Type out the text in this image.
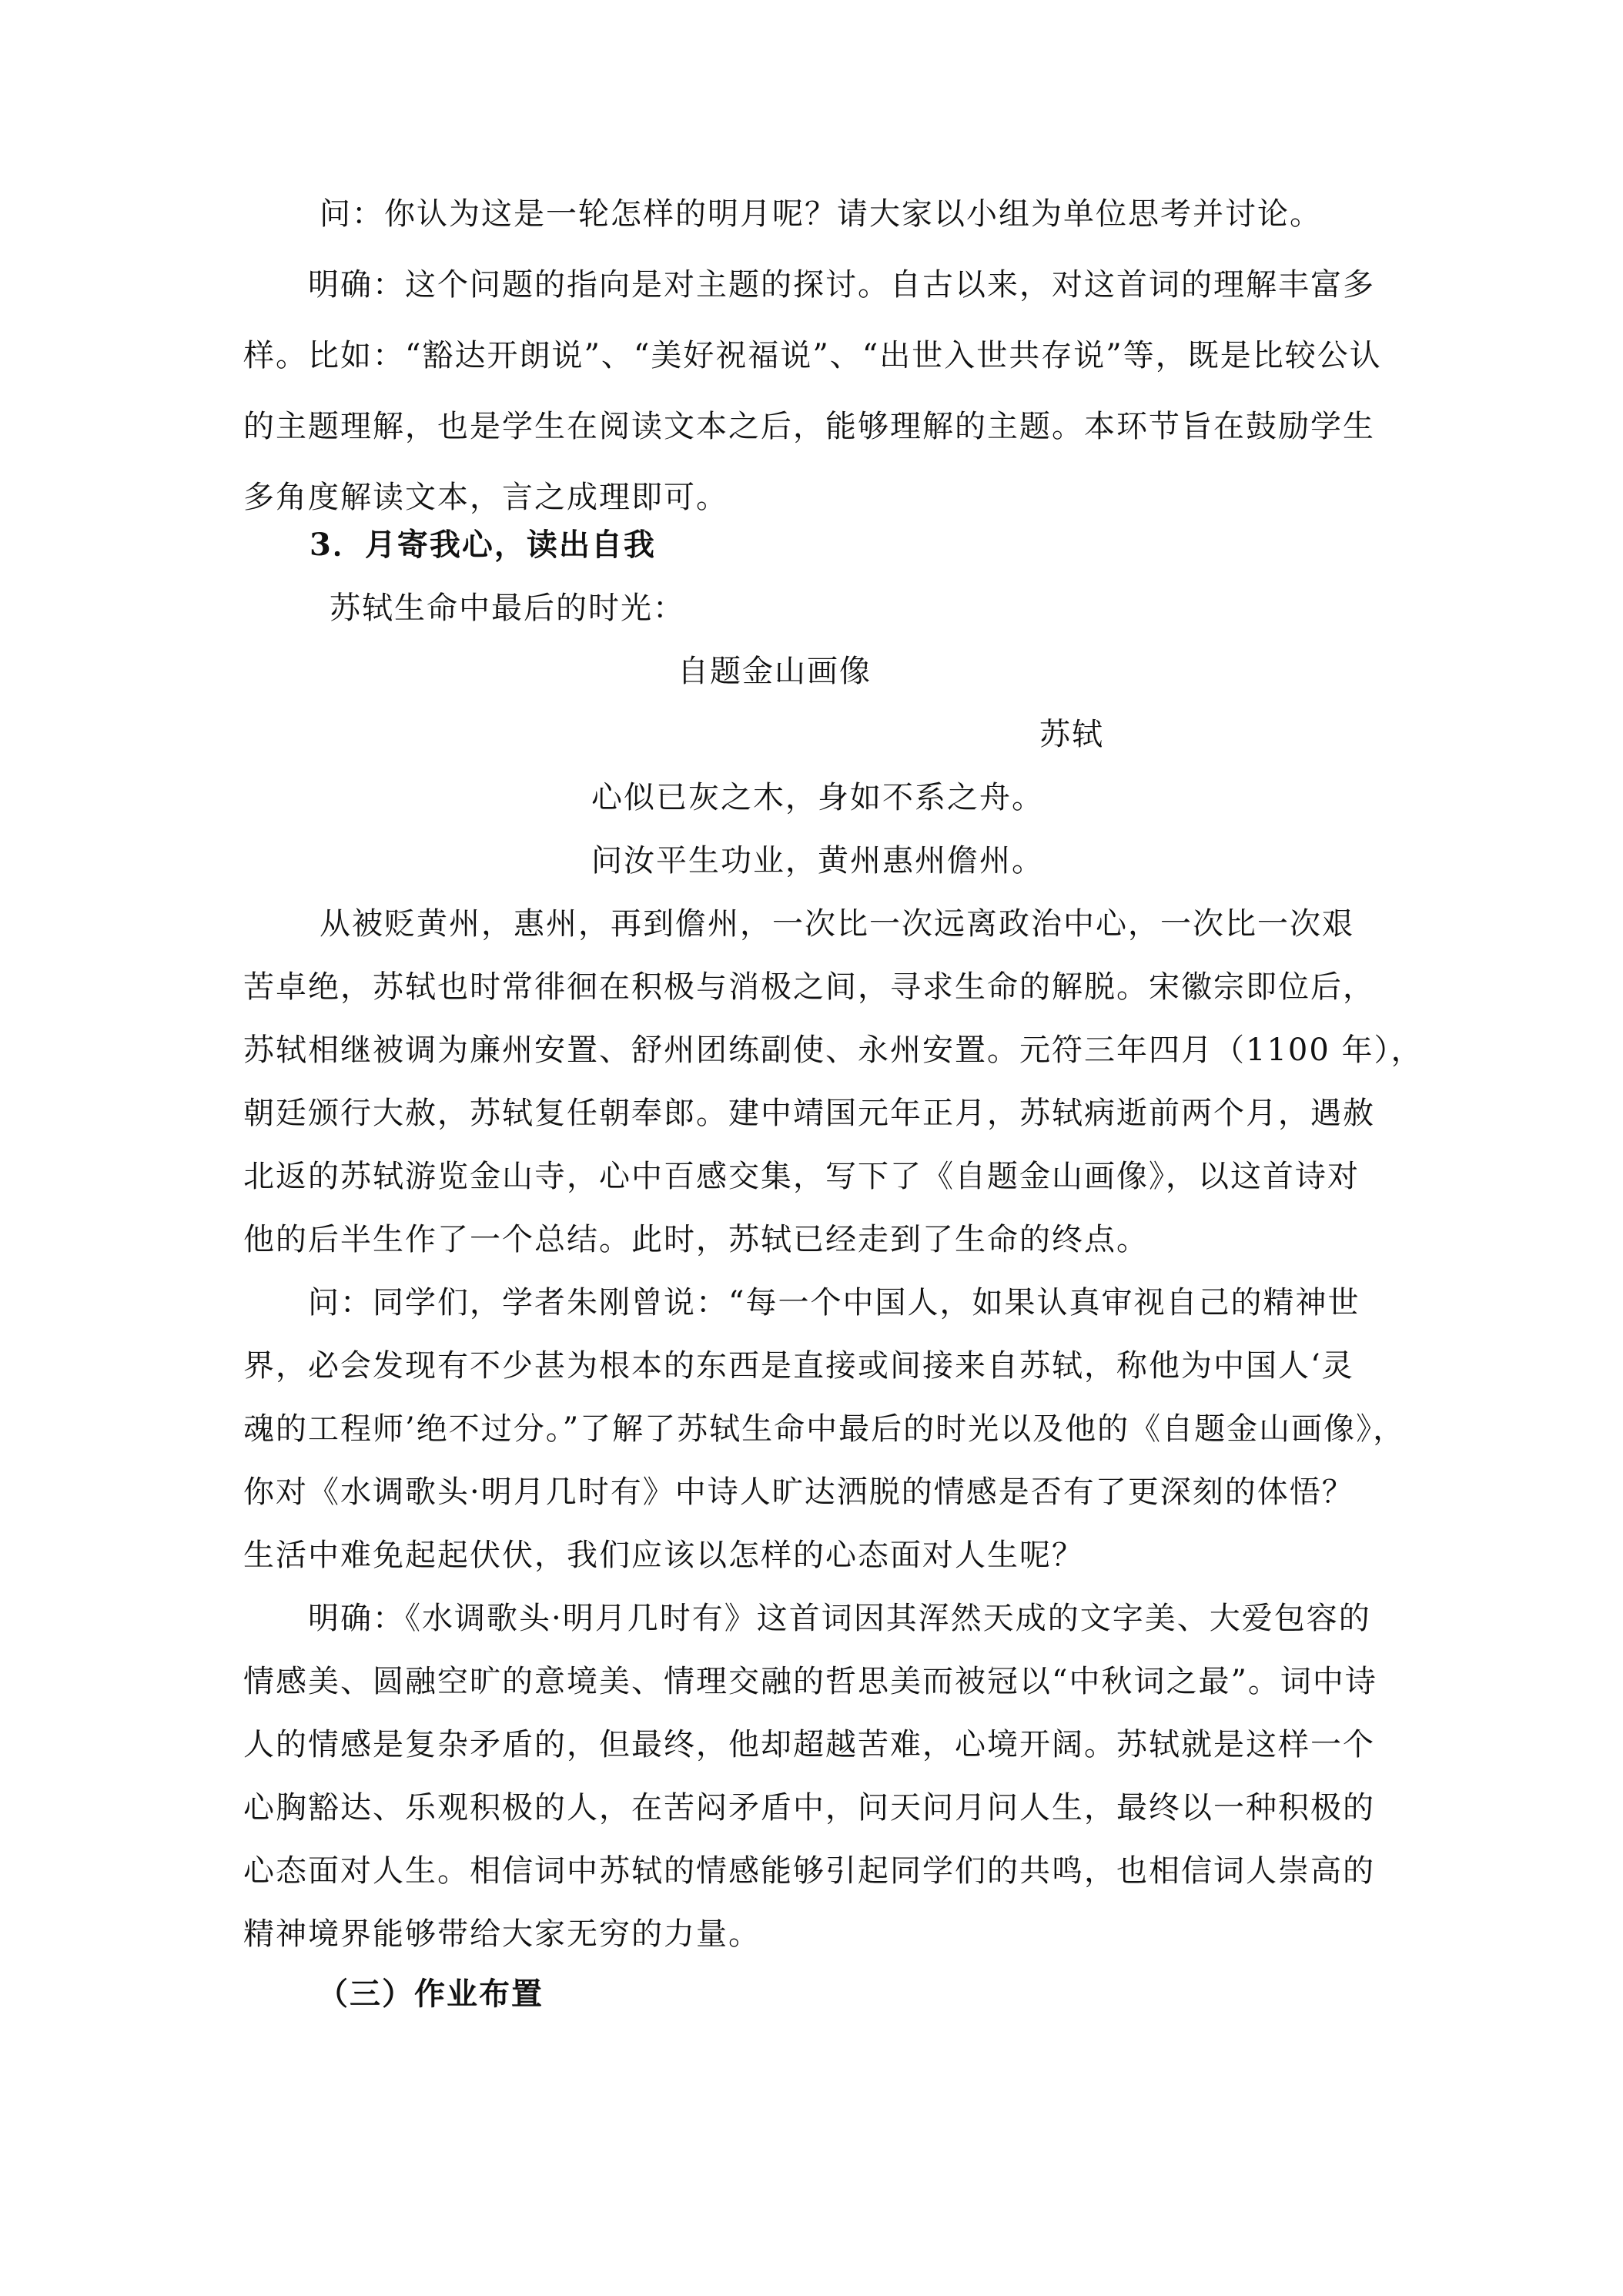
问：你认为这是一轮怎样的明月呢？请大家以小组为单位思考并讨论。
明确：这个问题的指向是对主题的探讨。自古以来，对这首词的理解丰富多
样。比如：“豁达开朗说”、“美好祝福说”、“出世入世共存说”等，既是比较公认
的主题理解，也是学生在阅读文本之后，能够理解的主题。本环节旨在鼓励学生
多角度解读文本，言之成理即可。
3．月寄我心，读出自我
苏轼生命中最后的时光：
自题金山画像
苏轼
心似已灰之木，身如不系之舟。
问汝平生功业，黄州惠州儋州。
从被贬黄州，惠州，再到儋州，一次比一次远离政治中心，一次比一次艰
苦卓绝，苏轼也时常徘徊在积极与消极之间，寻求生命的解脱。宋徽宗即位后，
苏轼相继被调为廉州安置、舒州团练副使、永州安置。元符三年四月（1100 年），
朝廷颁行大赦，苏轼复任朝奉郎。建中靖国元年正月，苏轼病逝前两个月，遇赦
北返的苏轼游览金山寺，心中百感交集，写下了《自题金山画像》，以这首诗对
他的后半生作了一个总结。此时，苏轼已经走到了生命的终点。
问：同学们，学者朱刚曾说：“每一个中国人，如果认真审视自己的精神世
界，必会发现有不少甚为根本的东西是直接或间接来自苏轼，称他为中国人‘灵
魂的工程师’绝不过分。”了解了苏轼生命中最后的时光以及他的《自题金山画像》，
你对《水调歌头·明月几时有》中诗人旷达洒脱的情感是否有了更深刻的体悟？
生活中难免起起伏伏，我们应该以怎样的心态面对人生呢？
明确：《水调歌头·明月几时有》这首词因其浑然天成的文字美、大爱包容的
情感美、圆融空旷的意境美、情理交融的哲思美而被冠以“中秋词之最”。词中诗
人的情感是复杂矛盾的，但最终，他却超越苦难，心境开阔。苏轼就是这样一个
心胸豁达、乐观积极的人，在苦闷矛盾中，问天问月问人生，最终以一种积极的
心态面对人生。相信词中苏轼的情感能够引起同学们的共鸣，也相信词人崇高的
精神境界能够带给大家无穷的力量。
（三）作业布置
